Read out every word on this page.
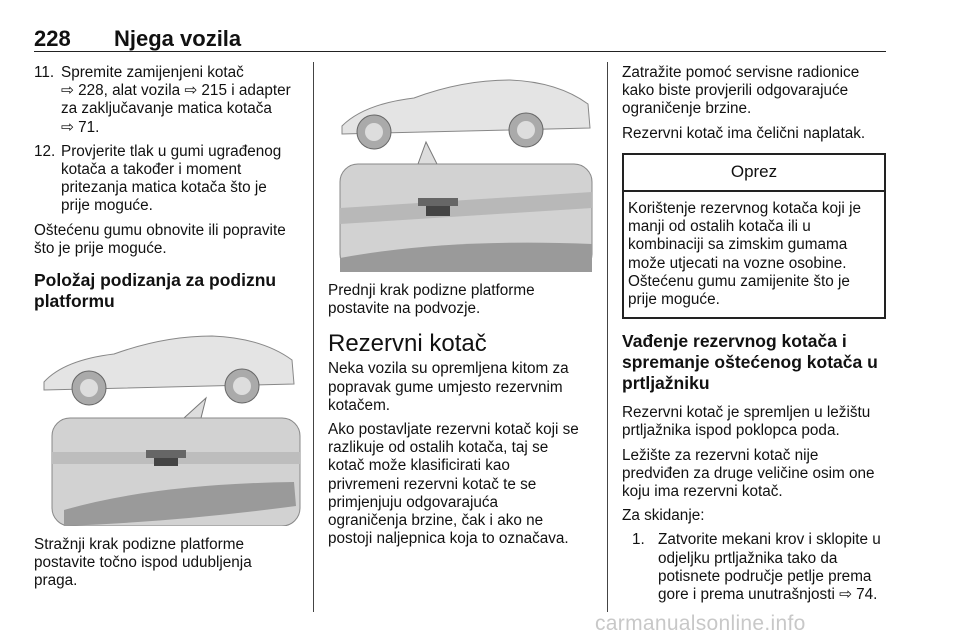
228 Njega vozila
11. Spremite zamijenjeni kotač
⇨ 228, alat vozila ⇨ 215 i adapter
za zaključavanje matica kotača
⇨ 71.
12. Provjerite tlak u gumi ugrađenog
kotača a također i moment
pritezanja matica kotača što je
prije moguće.

Oštećenu gumu obnovite ili popravite
što je prije moguće.

Položaj podizanja za podiznu
platformu

Stražnji krak podizne platforme
postavite točno ispod udubljenja
praga.

Prednji krak podizne platforme
postavite na podvozje.

Rezervni kotač

Neka vozila su opremljena kitom za
popravak gume umjesto rezervnim
kotačem.

Ako postavljate rezervni kotač koji se
razlikuje od ostalih kotača, taj se
kotač može klasificirati kao
privremeni rezervni kotač te se
primjenjuju odgovarajuća
ograničenja brzine, čak i ako ne
postoji naljepnica koja to označava.

Zatražite pomoć servisne radionice
kako biste provjerili odgovarajuće
ograničenje brzine.

Rezervni kotač ima čelični naplatak.

Oprez
Korištenje rezervnog kotača koji je
manji od ostalih kotača ili u
kombinaciji sa zimskim gumama
može utjecati na vozne osobine.
Oštećenu gumu zamijenite što je
prije moguće.
Vađenje rezervnog kotača i
spremanje oštećenog kotača u
prtljažniku

Rezervni kotač je spremljen u ležištu
prtljažnika ispod poklopca poda.

Ležište za rezervni kotač nije
predviđen za druge veličine osim one
koju ima rezervni kotač.

Za skidanje:

1. Zatvorite mekani krov i sklopite u
odjeljku prtljažnika tako da
potisnete područje petlje prema
gore i prema unutrašnjosti ⇨ 74.
carmanualsonline.info
